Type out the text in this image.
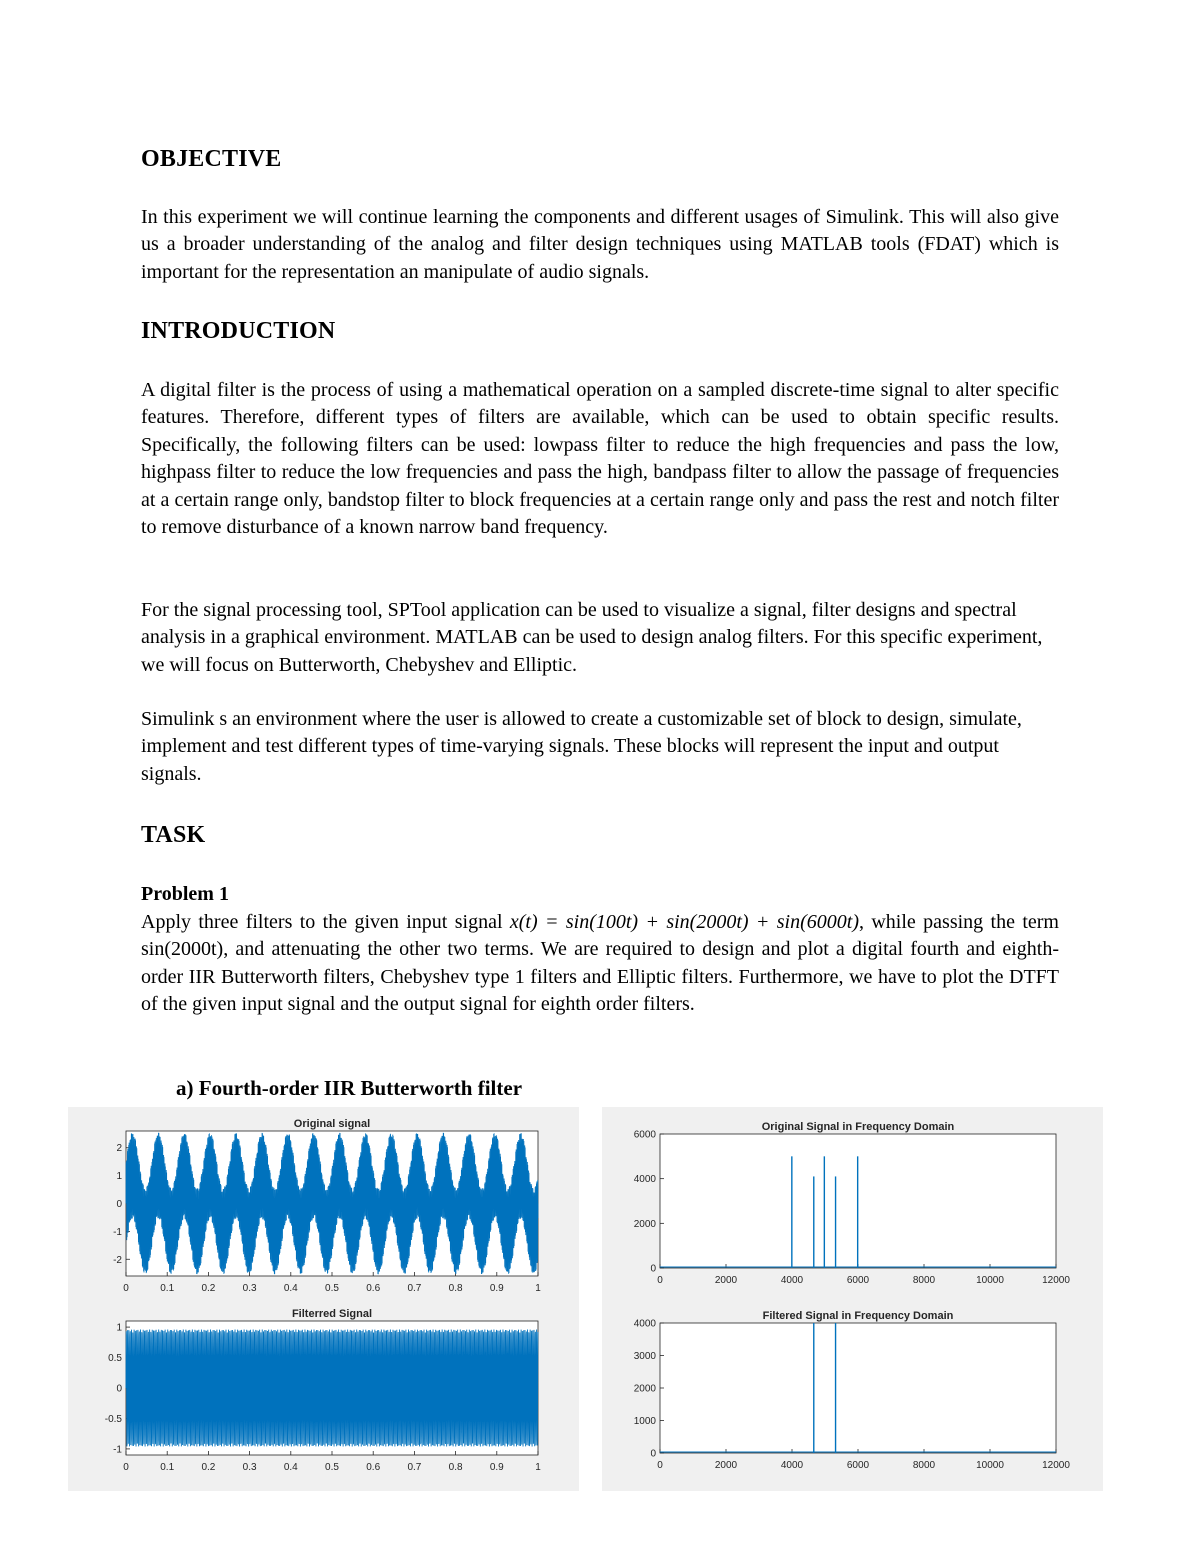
OBJECTIVE

In this experiment we will continue learning the components and different usages of Simulink. This will also give us a broader understanding of the analog and filter design techniques using MATLAB tools (FDAT) which is important for the representation an manipulate of audio signals.

INTRODUCTION

A digital filter is the process of using a mathematical operation on a sampled discrete-time signal to alter specific features. Therefore, different types of filters are available, which can be used to obtain specific results. Specifically, the following filters can be used: lowpass filter to reduce the high frequencies and pass the low, highpass filter to reduce the low frequencies and pass the high, bandpass filter to allow the passage of frequencies at a certain range only, bandstop filter to block frequencies at a certain range only and pass the rest and notch filter to remove disturbance of a known narrow band frequency.

For the signal processing tool, SPTool application can be used to visualize a signal, filter designs and spectral analysis in a graphical environment. MATLAB can be used to design analog filters. For this specific experiment, we will focus on Butterworth, Chebyshev and Elliptic.

Simulink s an environment where the user is allowed to create a customizable set of block to design, simulate, implement and test different types of time-varying signals. These blocks will represent the input and output signals.

TASK

Problem 1

Apply three filters to the given input signal x(t) = sin(100t) + sin(2000t) + sin(6000t), while passing the term sin(2000t), and attenuating the other two terms. We are required to design and plot a digital fourth and eighth-order IIR Butterworth filters, Chebyshev type 1 filters and Elliptic filters. Furthermore, we have to plot the DTFT of the given input signal and the output signal for eighth order filters.

a) Fourth-order IIR Butterworth filter

Original signal
0	0.1	0.2	0.3	0.4	0.5	0.6	0.7	0.8	0.9	1
-2
-1
0
1
2
Filterred Signal
0	0.1	0.2	0.3	0.4	0.5	0.6	0.7	0.8	0.9	1
-1
-0.5
0
0.5
1
Original Signal in Frequency Domain
0	2000	4000	6000	8000	10000	12000
0
2000
4000
6000
Filtered Signal in Frequency Domain
0	2000	4000	6000	8000	10000	12000
0
1000
2000
3000
4000
